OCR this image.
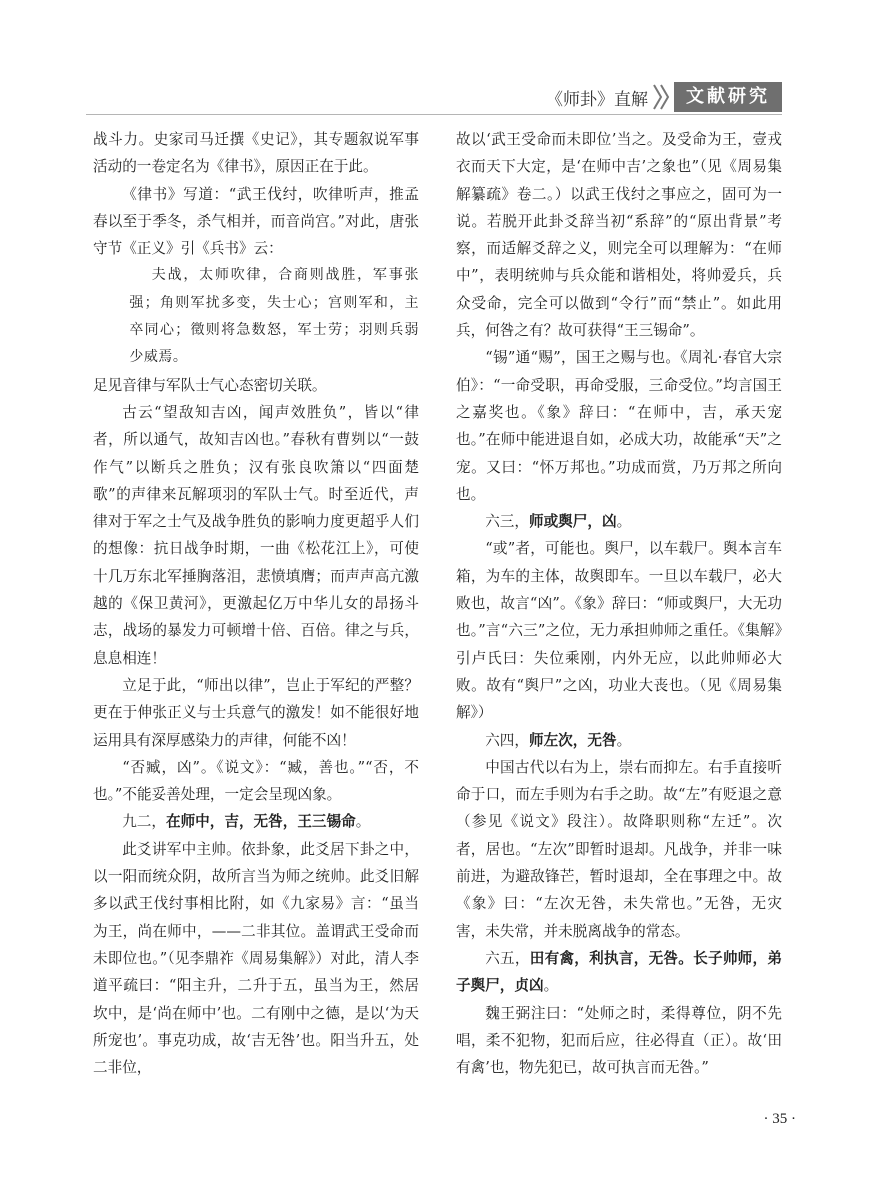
《师卦》直解	文献研究

战斗力。史家司马迁撰《史记》，其专题叙说军事活动的一卷定名为《律书》，原因正在于此。

《律书》写道：“武王伐纣，吹律听声，推孟春以至于季冬，杀气相并，而音尚宫。”对此，唐张守节《正义》引《兵书》云：

夫战，太师吹律，合商则战胜，军事张强；角则军扰多变，失士心；宫则军和，主卒同心；徵则将急数怒，军士劳；羽则兵弱少威焉。

足见音律与军队士气心态密切关联。

古云“望敌知吉凶，闻声效胜负”，皆以“律者，所以通气，故知吉凶也。”春秋有曹刿以“一鼓作气”以断兵之胜负；汉有张良吹箫以“四面楚歌”的声律来瓦解项羽的军队士气。时至近代，声律对于军之士气及战争胜负的影响力度更超乎人们的想像：抗日战争时期，一曲《松花江上》，可使十几万东北军捶胸落泪，悲愤填膺；而声声高亢激越的《保卫黄河》，更激起亿万中华儿女的昂扬斗志，战场的暴发力可顿增十倍、百倍。律之与兵，息息相连！

立足于此，“师出以律”，岂止于军纪的严整？更在于伸张正义与士兵意气的激发！如不能很好地运用具有深厚感染力的声律，何能不凶！

“否臧，凶”。《说文》：“臧，善也。”“否，不也。”不能妥善处理，一定会呈现凶象。

九二，在师中，吉，无咎，王三锡命。

此爻讲军中主帅。依卦象，此爻居下卦之中，以一阳而统众阴，故所言当为师之统帅。此爻旧解多以武王伐纣事相比附，如《九家易》言：“虽当为王，尚在师中，——二非其位。盖谓武王受命而未即位也。”（见李鼎祚《周易集解》）对此，清人李道平疏曰：“阳主升，二升于五，虽当为王，然居坎中，是‘尚在师中’也。二有刚中之德，是以‘为天所宠也’。事克功成，故‘吉无咎’也。阳当升五，处二非位，

故以‘武王受命而未即位’当之。及受命为王，壹戎衣而天下大定，是‘在师中吉’之象也”（见《周易集解纂疏》卷二。）以武王伐纣之事应之，固可为一说。若脱开此卦爻辞当初“系辞”的“原出背景”考察，而适解爻辞之义，则完全可以理解为：“在师中”，表明统帅与兵众能和谐相处，将帅爱兵，兵众受命，完全可以做到“令行”而“禁止”。如此用兵，何咎之有？故可获得“王三锡命”。

“锡”通“赐”，国王之赐与也。《周礼·春官大宗伯》：“一命受职，再命受服，三命受位。”均言国王之嘉奖也。《象》辞曰：“在师中，吉，承天宠也。”在师中能进退自如，必成大功，故能承“天”之宠。又曰：“怀万邦也。”功成而赏，乃万邦之所向也。

六三，师或舆尸，凶。

“或”者，可能也。舆尸，以车载尸。舆本言车箱，为车的主体，故舆即车。一旦以车载尸，必大败也，故言“凶”。《象》辞曰：“师或舆尸，大无功也。”言“六三”之位，无力承担帅师之重任。《集解》引卢氏曰：失位乘刚，内外无应，以此帅师必大败。故有“舆尸”之凶，功业大丧也。（见《周易集解》）

六四，师左次，无咎。

中国古代以右为上，崇右而抑左。右手直接听命于口，而左手则为右手之助。故“左”有贬退之意（参见《说文》段注）。故降职则称“左迁”。次者，居也。“左次”即暂时退却。凡战争，并非一味前进，为避敌锋芒，暂时退却，全在事理之中。故《象》曰：“左次无咎，未失常也。”无咎，无灾害，未失常，并未脱离战争的常态。

六五，田有禽，利执言，无咎。长子帅师，弟子舆尸，贞凶。

魏王弼注曰：“处师之时，柔得尊位，阴不先唱，柔不犯物，犯而后应，往必得直（正）。故‘田有禽’也，物先犯已，故可执言而无咎。”

· 35 ·
